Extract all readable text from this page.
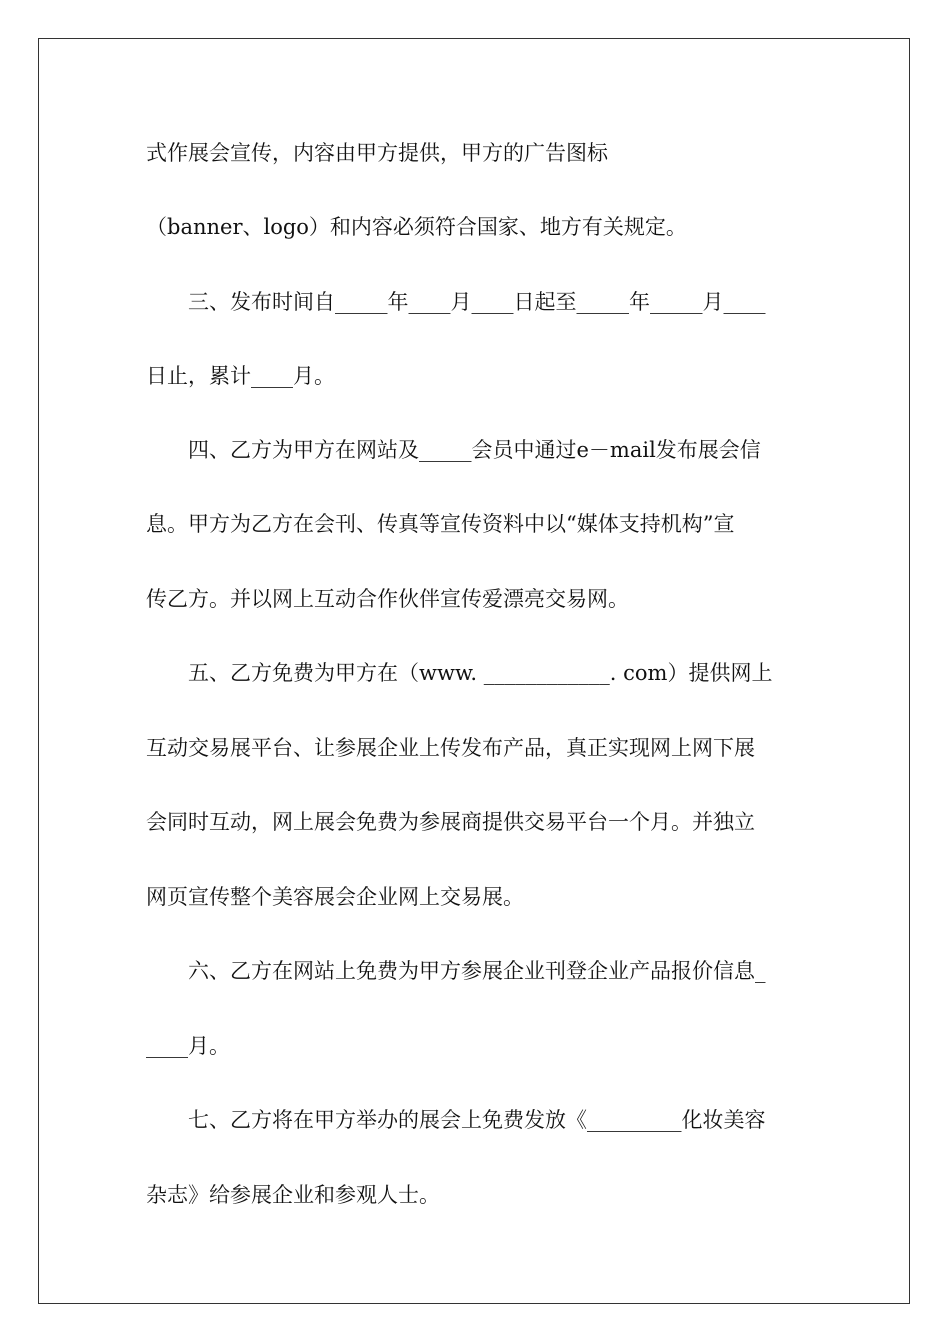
式作展会宣传，内容由甲方提供，甲方的广告图标
（banner、logo）和内容必须符合国家、地方有关规定。
　　三、发布时间自_____年____月____日起至_____年_____月____
日止，累计____月。
　　四、乙方为甲方在网站及_____会员中通过e－mail发布展会信
息。甲方为乙方在会刊、传真等宣传资料中以“媒体支持机构”宣
传乙方。并以网上互动合作伙伴宣传爱漂亮交易网。
　　五、乙方免费为甲方在（www. ____________. com）提供网上
互动交易展平台、让参展企业上传发布产品，真正实现网上网下展
会同时互动，网上展会免费为参展商提供交易平台一个月。并独立
网页宣传整个美容展会企业网上交易展。
　　六、乙方在网站上免费为甲方参展企业刊登企业产品报价信息_
____月。
　　七、乙方将在甲方举办的展会上免费发放《_________化妆美容
杂志》给参展企业和参观人士。
